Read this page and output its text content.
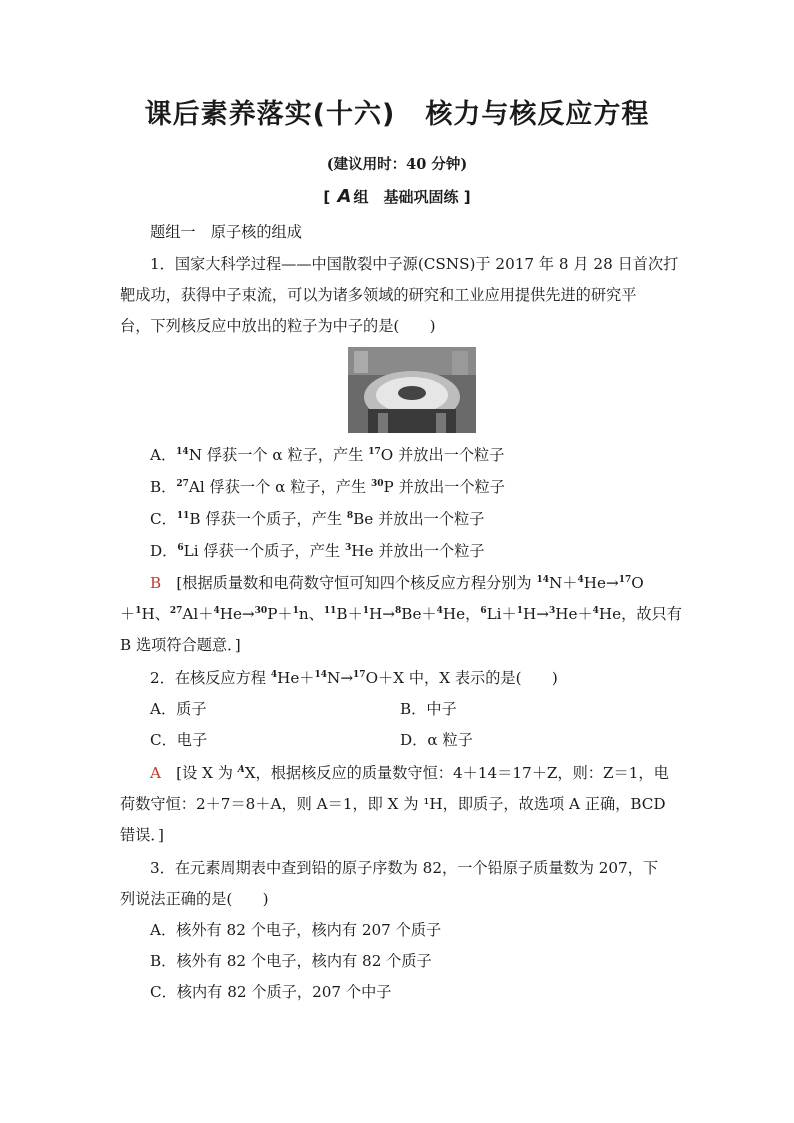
课后素养落实(十六) 核力与核反应方程
(建议用时：40 分钟)
[ A 组　基础巩固练 ]
题组一　原子核的组成
1．国家大科学过程——中国散裂中子源(CSNS)于 2017 年 8 月 28 日首次打
靶成功，获得中子束流，可以为诸多领域的研究和工业应用提供先进的研究平
台，下列核反应中放出的粒子为中子的是(　　)
A．$^{14}$N 俘获一个 α 粒子，产生 $^{17}$O 并放出一个粒子
B．$^{27}$Al 俘获一个 α 粒子，产生 $^{30}$P 并放出一个粒子
C．$^{11}$B 俘获一个质子，产生 $^8$Be 并放出一个粒子
D．$^6$Li 俘获一个质子，产生 $^3$He 并放出一个粒子
B　 [根据质量数和电荷数守恒可知四个核反应方程分别为 $^{14}$N＋$^4$He→$^{17}$O
＋$^1$H、$^{27}$Al＋$^4$He→$^{30}$P＋$^1$n、$^{11}$B＋$^1$H→$^8$Be＋$^4$He，$^6$Li＋$^1$H→$^3$He＋$^4$He，故只有
B 选项符合题意．]
2．在核反应方程 $^4$He＋$^{14}$N→$^{17}$O＋X 中，X 表示的是(　　)
A．质子	B．中子
C．电子	D．α 粒子
A　 [设 X 为 $^A$X，根据核反应的质量数守恒：4＋14＝17＋Z，则：Z＝1，电
荷数守恒：2＋7＝8＋A，则 A＝1，即 X 为 ¹H，即质子，故选项 A 正确，BCD
错误．]
3．在元素周期表中查到铅的原子序数为 82，一个铅原子质量数为 207，下
列说法正确的是(　　)
A．核外有 82 个电子，核内有 207 个质子
B．核外有 82 个电子，核内有 82 个质子
C．核内有 82 个质子，207 个中子
